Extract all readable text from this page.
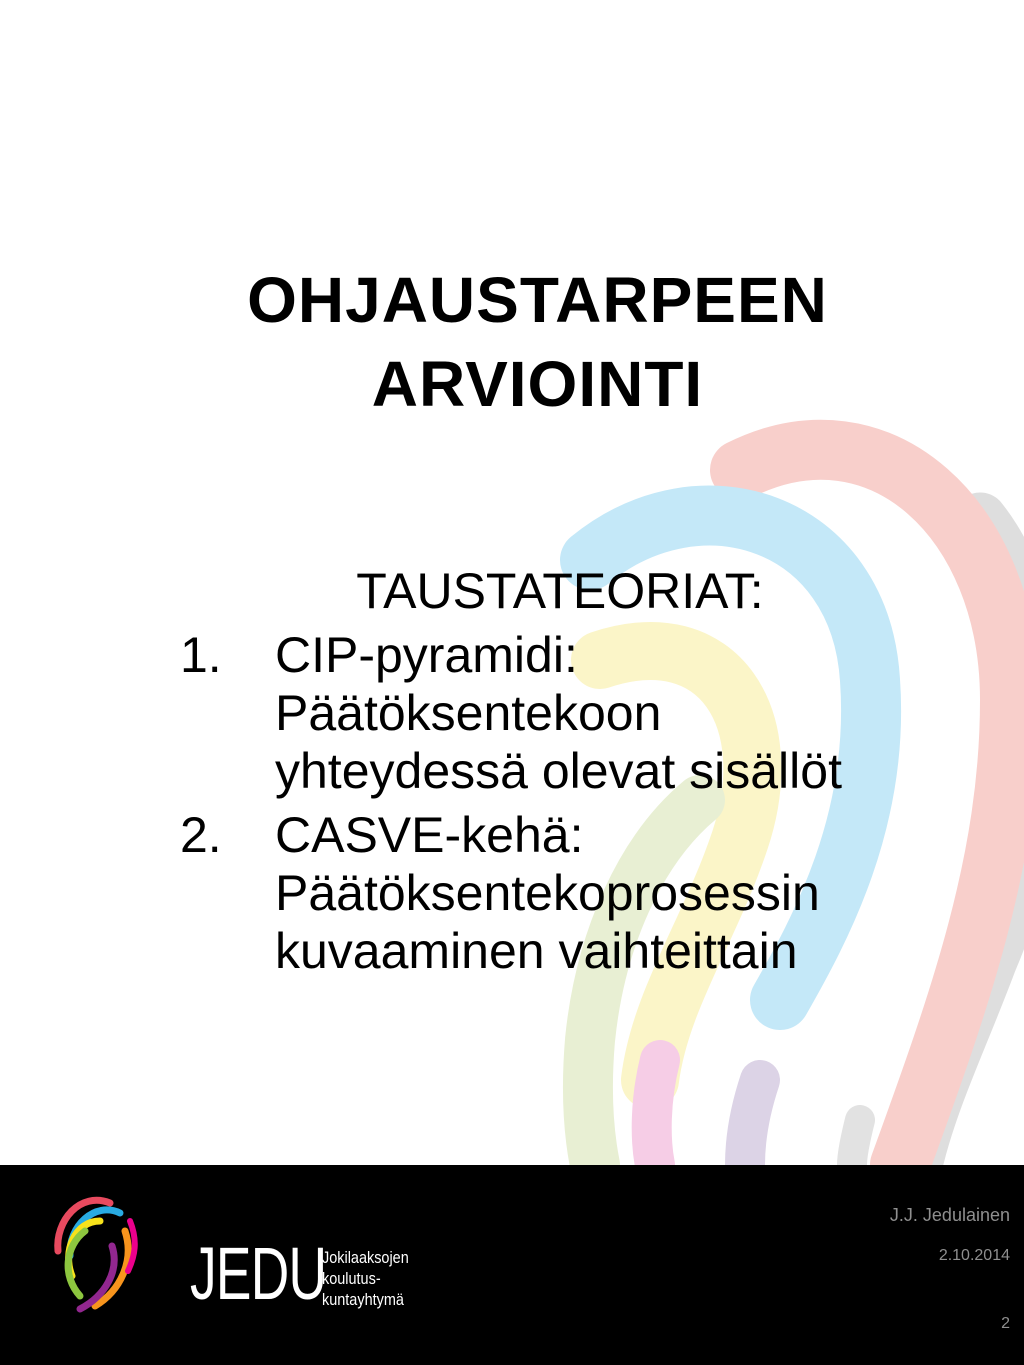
OHJAUSTARPEEN
ARVIOINTI
TAUSTATEORIAT:
1. CIP-pyramidi:
Päätöksentekoon
yhteydessä olevat sisällöt
2. CASVE-kehä:
Päätöksentekoprosessin
kuvaaminen vaihteittain
JEDU
Jokilaaksojen
koulutus-
kuntayhtymä
J.J. Jedulainen
2.10.2014
2
